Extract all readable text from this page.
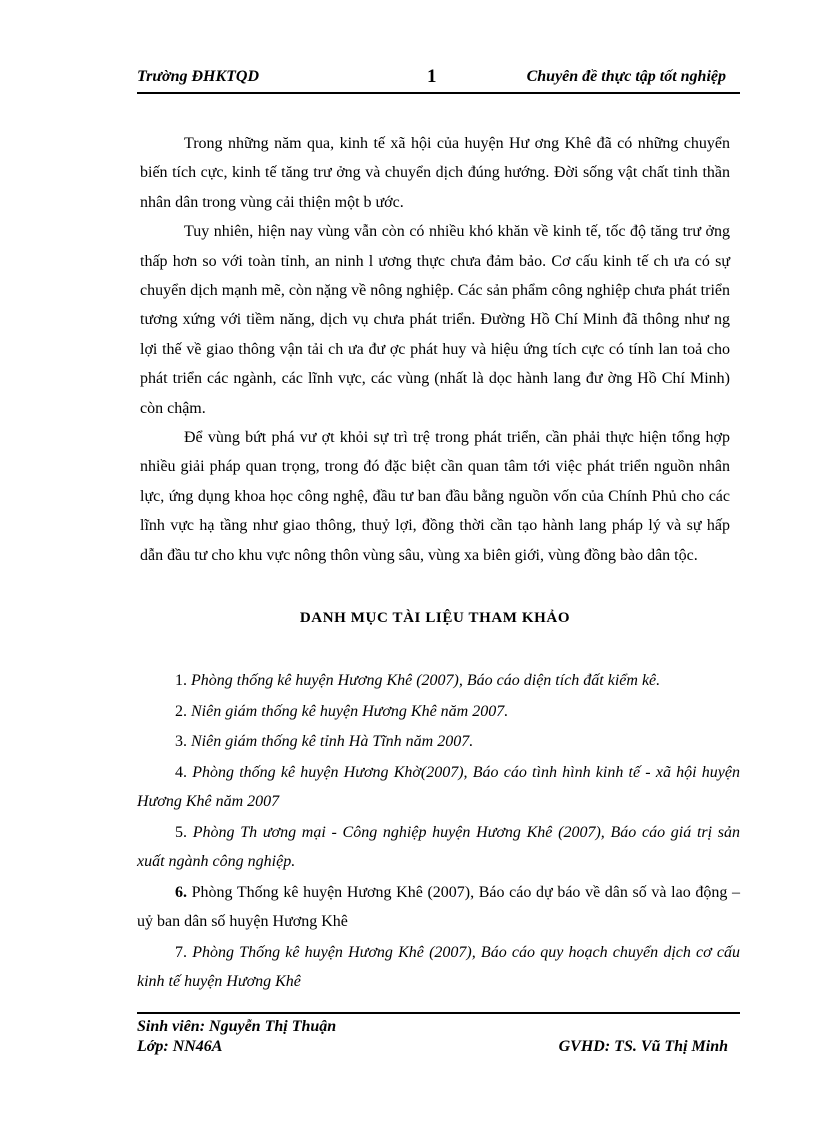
Trường ĐHKTQD	1	Chuyên đề thực tập tốt nghiệp

Trong những năm qua, kinh tế xã hội của huyện Hư ơng Khê đã có những chuyển biến tích cực, kinh tế tăng trư ởng và chuyển dịch đúng hướng. Đời sống vật chất tinh thần nhân dân trong vùng cải thiện một b ước.

Tuy nhiên, hiện nay vùng vẫn còn có nhiều khó khăn về kinh tế, tốc độ tăng trư ởng thấp hơn so với toàn tỉnh, an ninh l ương thực chưa đảm bảo. Cơ cấu kinh tế ch ưa có sự chuyển dịch mạnh mẽ, còn nặng về nông nghiệp. Các sản phẩm công nghiệp chưa phát triển tương xứng với tiềm năng, dịch vụ chưa phát triển. Đường Hồ Chí Minh đã thông như ng lợi thế về giao thông vận tải ch ưa đư ợc phát huy và hiệu ứng tích cực có tính lan toả cho phát triển các ngành, các lĩnh vực, các vùng (nhất là dọc hành lang đư ờng Hồ Chí Minh) còn chậm.

Để vùng bứt phá vư ợt khỏi sự trì trệ trong phát triển, cần phải thực hiện tổng hợp nhiều giải pháp quan trọng, trong đó đặc biệt cần quan tâm tới việc phát triển nguồn nhân lực, ứng dụng khoa học công nghệ, đầu tư ban đầu bằng nguồn vốn của Chính Phủ cho các lĩnh vực hạ tầng như giao thông, thuỷ lợi, đồng thời cần tạo hành lang pháp lý và sự hấp dẫn đầu tư cho khu vực nông thôn vùng sâu, vùng xa biên giới, vùng đồng bào dân tộc.

DANH MỤC TÀI LIỆU THAM KHẢO

1. Phòng thống kê huyện Hương Khê (2007), Báo cáo diện tích đất kiểm kê.

2. Niên giám thống kê huyện Hương Khê năm 2007.

3. Niên giám thống kê tỉnh Hà Tĩnh năm 2007.

4. Phòng thống kê huyện Hương Khờ(2007), Báo cáo tình hình kinh tế - xã hội huyện Hương Khê năm 2007

5. Phòng Th ương mại - Công nghiệp huyện Hương Khê (2007), Báo cáo giá trị sản xuất ngành công nghiệp.

6. Phòng Thống kê huyện Hương Khê (2007), Báo cáo dự báo về dân số và lao động – uỷ ban dân số huyện Hương Khê

7. Phòng Thống kê huyện Hương Khê (2007), Báo cáo quy hoạch chuyển dịch cơ cấu kinh tế huyện Hương Khê

Sinh viên: Nguyễn Thị Thuận
Lớp: NN46A	GVHD: TS. Vũ Thị Minh
